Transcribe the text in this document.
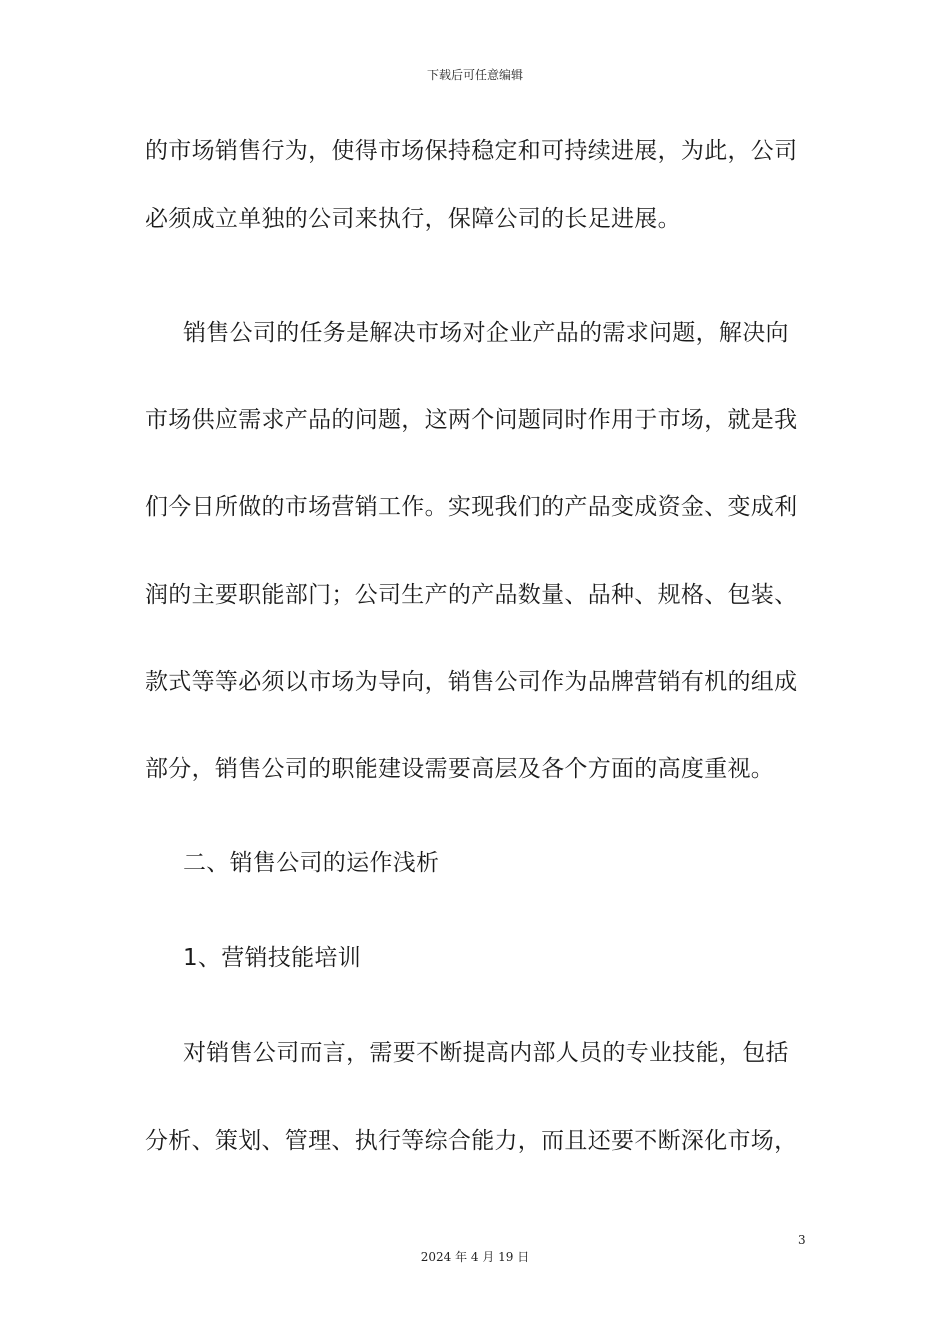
下载后可任意编辑
的市场销售行为，使得市场保持稳定和可持续进展，为此，公司
必须成立单独的公司来执行，保障公司的长足进展。
销售公司的任务是解决市场对企业产品的需求问题，解决向
市场供应需求产品的问题，这两个问题同时作用于市场，就是我
们今日所做的市场营销工作。实现我们的产品变成资金、变成利
润的主要职能部门；公司生产的产品数量、品种、规格、包装、
款式等等必须以市场为导向，销售公司作为品牌营销有机的组成
部分，销售公司的职能建设需要高层及各个方面的高度重视。
二、销售公司的运作浅析
1、营销技能培训
对销售公司而言，需要不断提高内部人员的专业技能，包括
分析、策划、管理、执行等综合能力，而且还要不断深化市场，
3
2024 年 4 月 19 日
